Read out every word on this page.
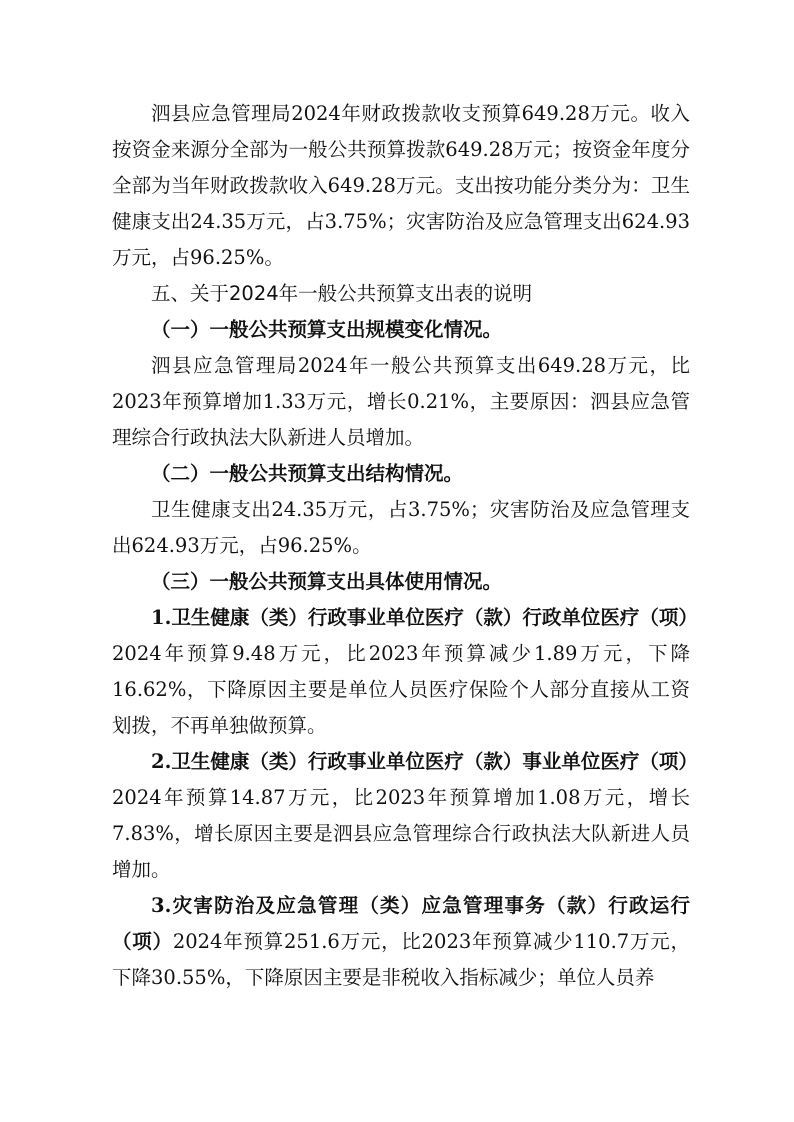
泗县应急管理局2024年财政拨款收支预算649.28万元。收入按资金来源分全部为一般公共预算拨款649.28万元；按资金年度分全部为当年财政拨款收入649.28万元。支出按功能分类分为：卫生健康支出24.35万元，占3.75%；灾害防治及应急管理支出624.93万元，占96.25%。

五、关于2024年一般公共预算支出表的说明

（一）一般公共预算支出规模变化情况。

泗县应急管理局2024年一般公共预算支出649.28万元，比2023年预算增加1.33万元，增长0.21%，主要原因：泗县应急管理综合行政执法大队新进人员增加。

（二）一般公共预算支出结构情况。

卫生健康支出24.35万元，占3.75%；灾害防治及应急管理支出624.93万元，占96.25%。

（三）一般公共预算支出具体使用情况。

1.卫生健康（类）行政事业单位医疗（款）行政单位医疗（项）2024年预算9.48万元，比2023年预算减少1.89万元，下降16.62%，下降原因主要是单位人员医疗保险个人部分直接从工资划拨，不再单独做预算。

2.卫生健康（类）行政事业单位医疗（款）事业单位医疗（项）2024年预算14.87万元，比2023年预算增加1.08万元，增长7.83%，增长原因主要是泗县应急管理综合行政执法大队新进人员增加。

3.灾害防治及应急管理（类）应急管理事务（款）行政运行（项）2024年预算251.6万元，比2023年预算减少110.7万元，下降30.55%，下降原因主要是非税收入指标减少；单位人员养
